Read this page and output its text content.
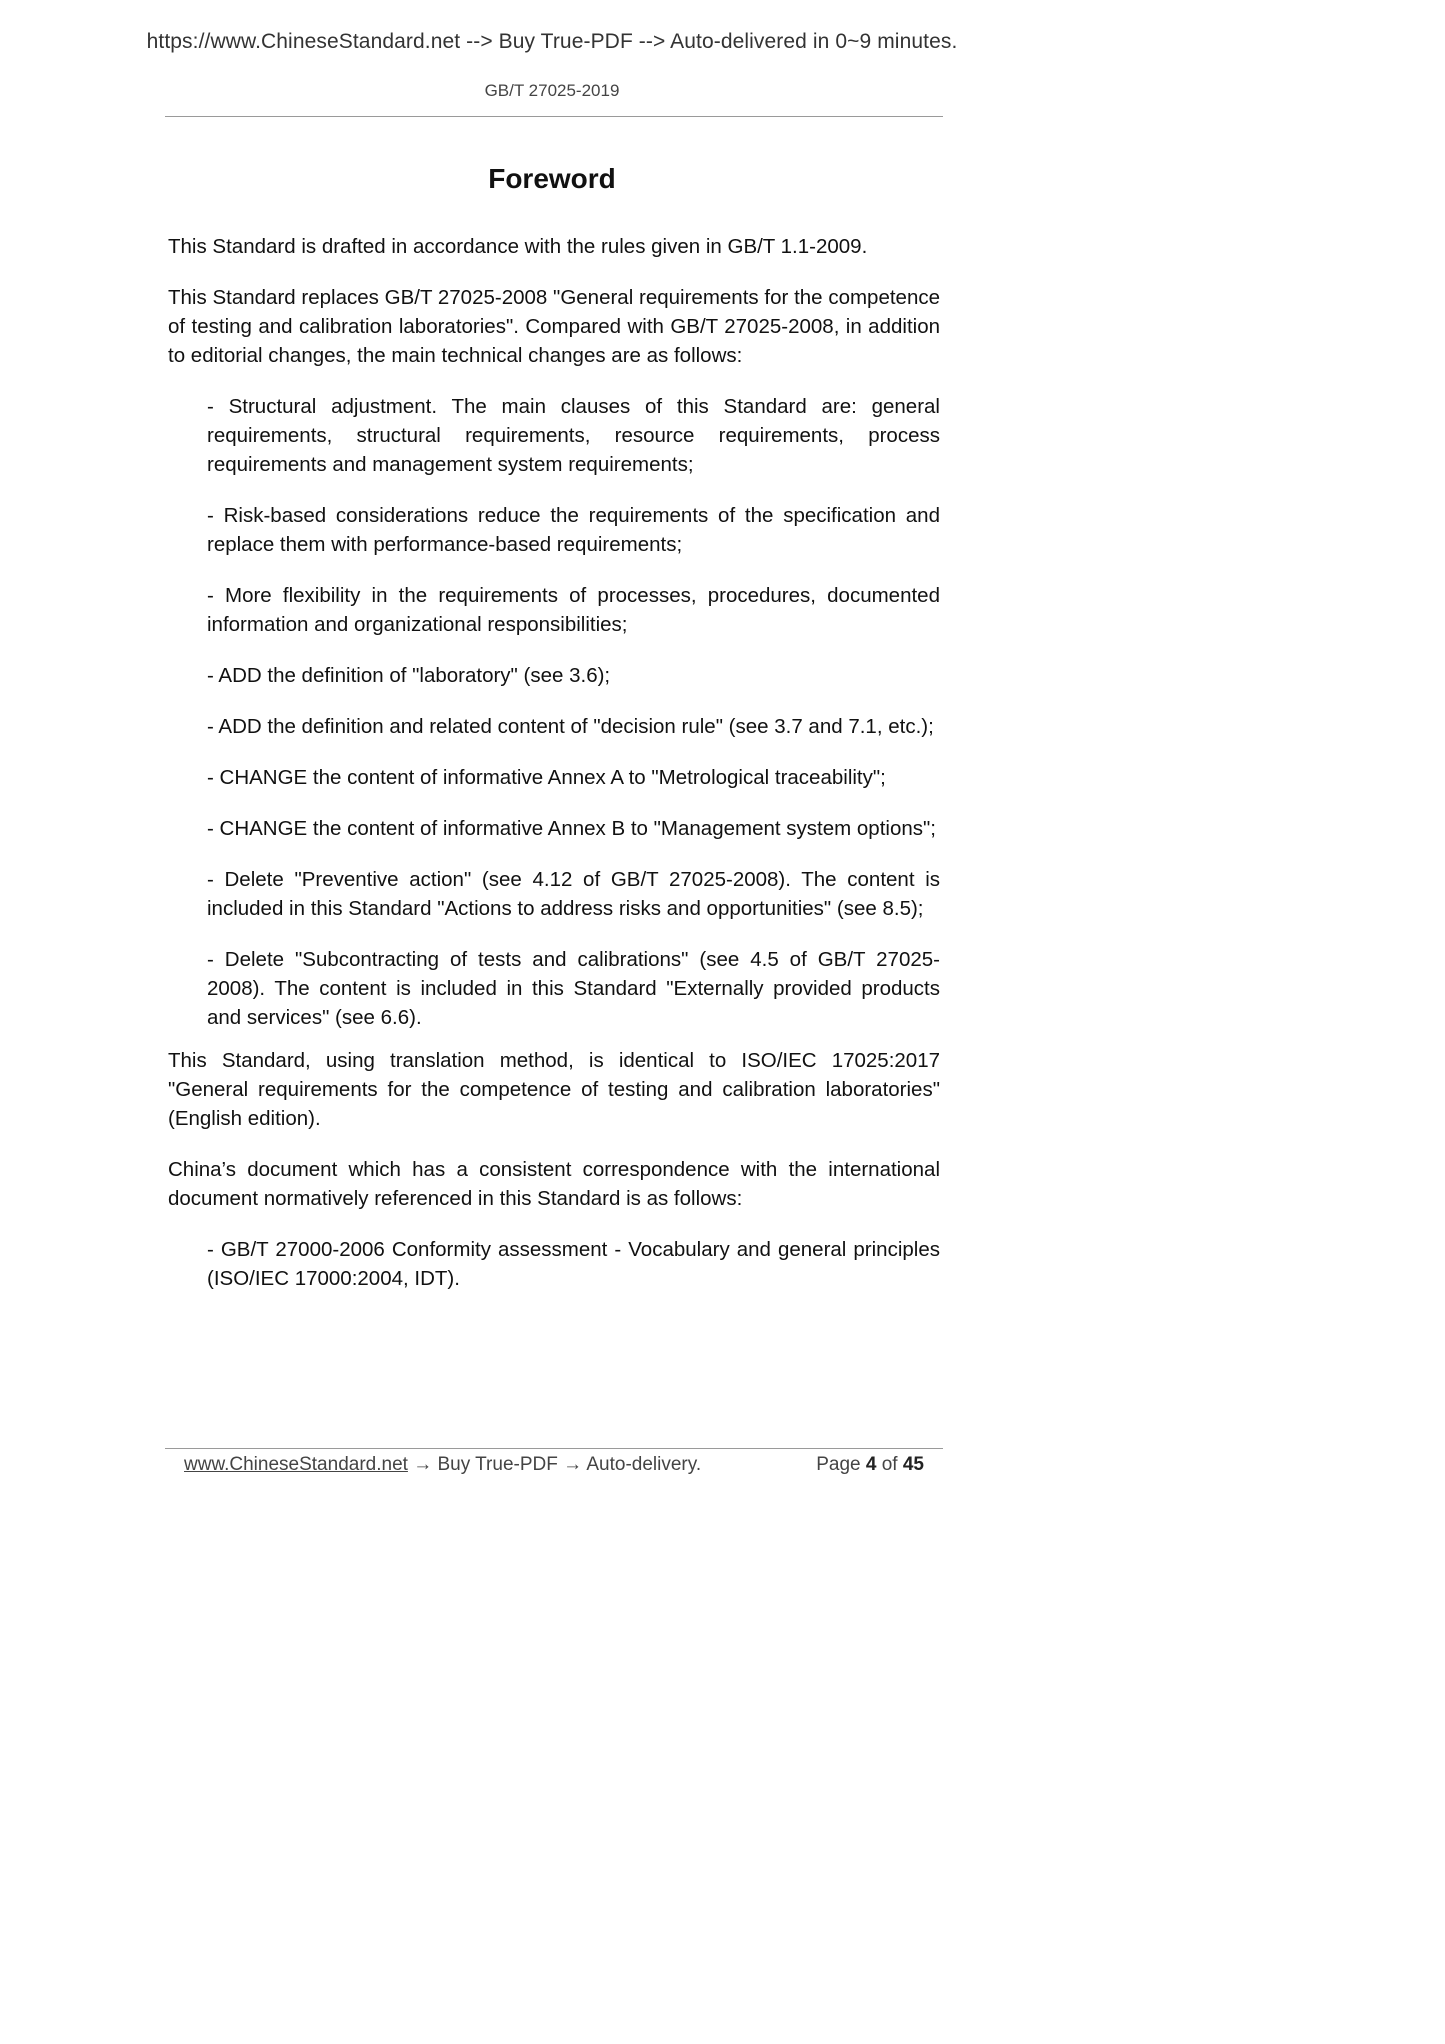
https://www.ChineseStandard.net --> Buy True-PDF --> Auto-delivered in 0~9 minutes.
GB/T 27025-2019
Foreword

This Standard is drafted in accordance with the rules given in GB/T 1.1-2009.

This Standard replaces GB/T 27025-2008 "General requirements for the competence of testing and calibration laboratories". Compared with GB/T 27025-2008, in addition to editorial changes, the main technical changes are as follows:

- Structural adjustment. The main clauses of this Standard are: general requirements, structural requirements, resource requirements, process requirements and management system requirements;
- Risk-based considerations reduce the requirements of the specification and replace them with performance-based requirements;
- More flexibility in the requirements of processes, procedures, documented information and organizational responsibilities;
- ADD the definition of "laboratory" (see 3.6);
- ADD the definition and related content of "decision rule" (see 3.7 and 7.1, etc.);
- CHANGE the content of informative Annex A to "Metrological traceability";
- CHANGE the content of informative Annex B to "Management system options";
- Delete "Preventive action" (see 4.12 of GB/T 27025-2008). The content is included in this Standard "Actions to address risks and opportunities" (see 8.5);
- Delete "Subcontracting of tests and calibrations" (see 4.5 of GB/T 27025-2008). The content is included in this Standard "Externally provided products and services" (see 6.6).

This Standard, using translation method, is identical to ISO/IEC 17025:2017 "General requirements for the competence of testing and calibration laboratories" (English edition).

China’s document which has a consistent correspondence with the international document normatively referenced in this Standard is as follows:

- GB/T 27000-2006 Conformity assessment - Vocabulary and general principles (ISO/IEC 17000:2004, IDT).
www.ChineseStandard.net → Buy True-PDF → Auto-delivery.	Page 4 of 45
